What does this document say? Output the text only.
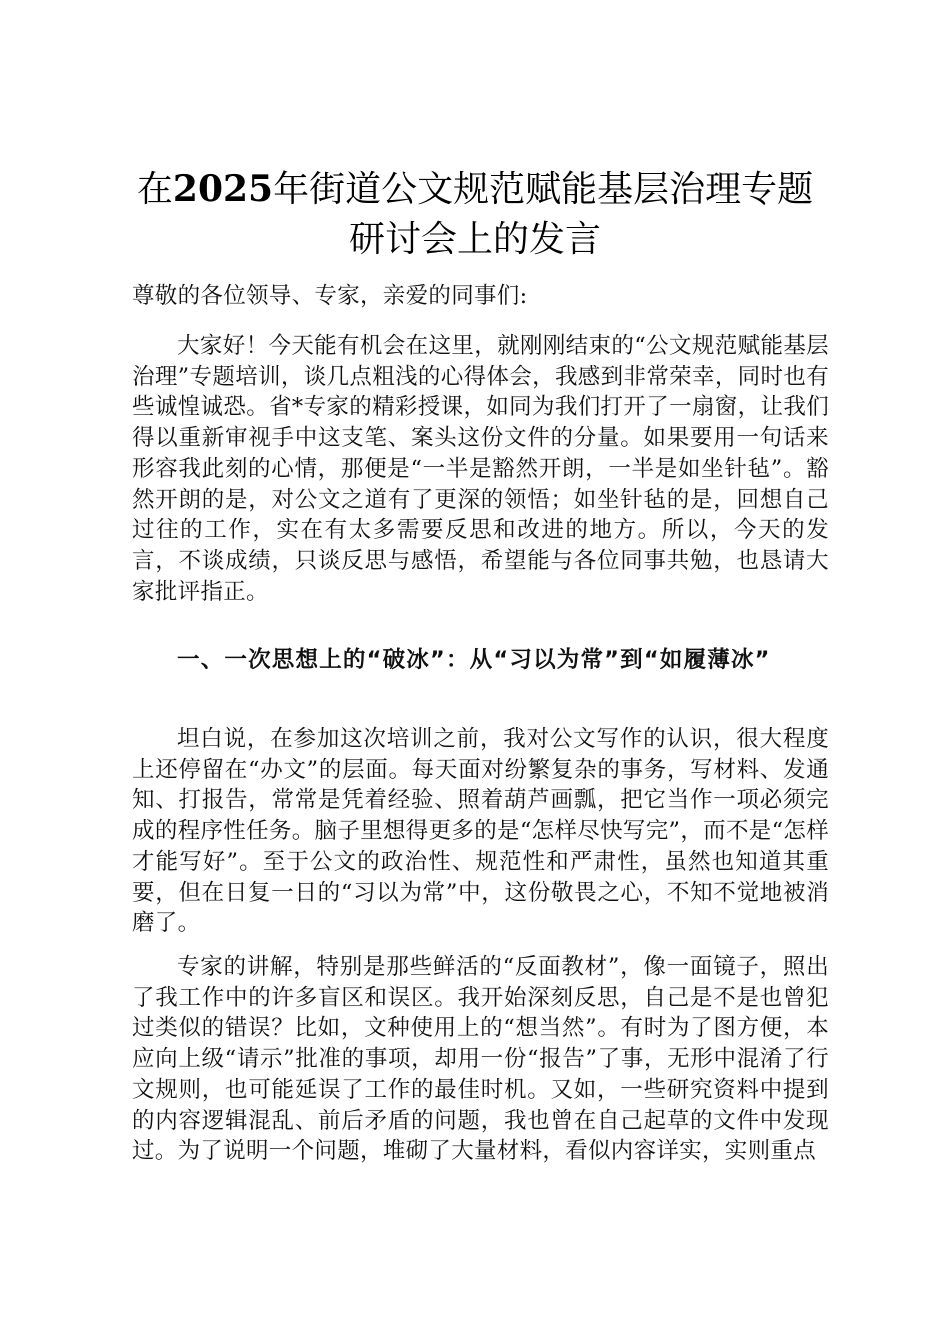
在2025年街道公文规范赋能基层治理专题研讨会上的发言

尊敬的各位领导、专家，亲爱的同事们:

大家好！今天能有机会在这里，就刚刚结束的“公文规范赋能基层治理”专题培训，谈几点粗浅的心得体会，我感到非常荣幸，同时也有些诚惶诚恐。省*专家的精彩授课，如同为我们打开了一扇窗，让我们得以重新审视手中这支笔、案头这份文件的分量。如果要用一句话来形容我此刻的心情，那便是“一半是豁然开朗，一半是如坐针毡”。豁然开朗的是，对公文之道有了更深的领悟；如坐针毡的是，回想自己过往的工作，实在有太多需要反思和改进的地方。所以，今天的发言，不谈成绩，只谈反思与感悟，希望能与各位同事共勉，也恳请大家批评指正。

一、一次思想上的“破冰”：从“习以为常”到“如履薄冰”

坦白说，在参加这次培训之前，我对公文写作的认识，很大程度上还停留在“办文”的层面。每天面对纷繁复杂的事务，写材料、发通知、打报告，常常是凭着经验、照着葫芦画瓢，把它当作一项必须完成的程序性任务。脑子里想得更多的是“怎样尽快写完”，而不是“怎样才能写好”。至于公文的政治性、规范性和严肃性，虽然也知道其重要，但在日复一日的“习以为常”中，这份敬畏之心，不知不觉地被消磨了。

专家的讲解，特别是那些鲜活的“反面教材”，像一面镜子，照出了我工作中的许多盲区和误区。我开始深刻反思，自己是不是也曾犯过类似的错误？比如，文种使用上的“想当然”。有时为了图方便，本应向上级“请示”批准的事项，却用一份“报告”了事，无形中混淆了行文规则，也可能延误了工作的最佳时机。又如，一些研究资料中提到的内容逻辑混乱、前后矛盾的问题，我也曾在自己起草的文件中发现过。为了说明一个问题，堆砌了大量材料，看似内容详实，实则重点
